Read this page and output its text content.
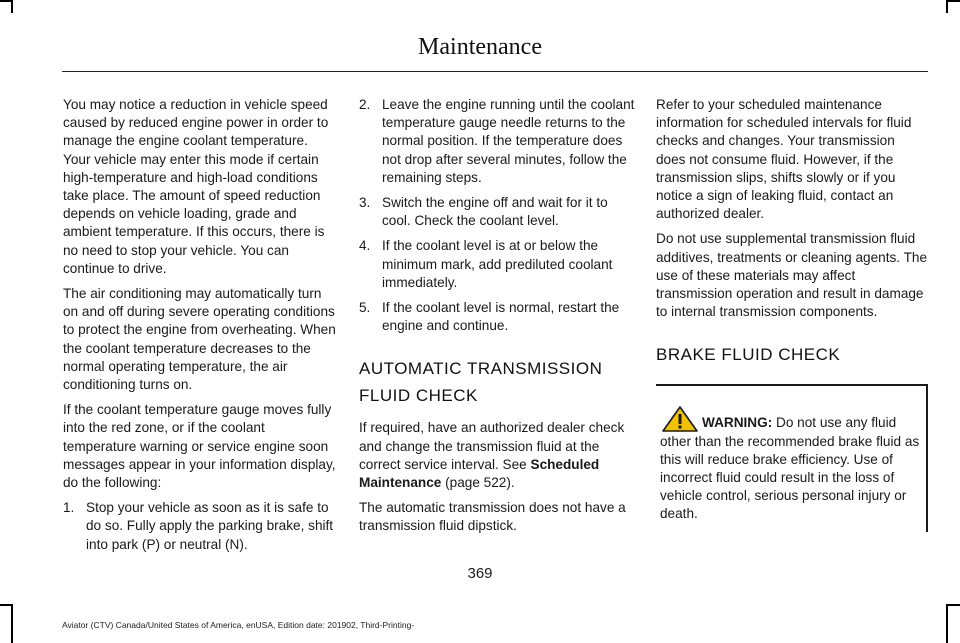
Maintenance

You may notice a reduction in vehicle speed caused by reduced engine power in order to manage the engine coolant temperature. Your vehicle may enter this mode if certain high-temperature and high-load conditions take place. The amount of speed reduction depends on vehicle loading, grade and ambient temperature. If this occurs, there is no need to stop your vehicle. You can continue to drive.

The air conditioning may automatically turn on and off during severe operating conditions to protect the engine from overheating. When the coolant temperature decreases to the normal operating temperature, the air conditioning turns on.

If the coolant temperature gauge moves fully into the red zone, or if the coolant temperature warning or service engine soon messages appear in your information display, do the following:

1. Stop your vehicle as soon as it is safe to do so. Fully apply the parking brake, shift into park (P) or neutral (N).
2. Leave the engine running until the coolant temperature gauge needle returns to the normal position. If the temperature does not drop after several minutes, follow the remaining steps.
3. Switch the engine off and wait for it to cool. Check the coolant level.
4. If the coolant level is at or below the minimum mark, add prediluted coolant immediately.
5. If the coolant level is normal, restart the engine and continue.
AUTOMATIC TRANSMISSION FLUID CHECK

If required, have an authorized dealer check and change the transmission fluid at the correct service interval. See Scheduled Maintenance (page 522).

The automatic transmission does not have a transmission fluid dipstick.

Refer to your scheduled maintenance information for scheduled intervals for fluid checks and changes. Your transmission does not consume fluid. However, if the transmission slips, shifts slowly or if you notice a sign of leaking fluid, contact an authorized dealer.

Do not use supplemental transmission fluid additives, treatments or cleaning agents. The use of these materials may affect transmission operation and result in damage to internal transmission components.

BRAKE FLUID CHECK
WARNING: Do not use any fluid other than the recommended brake fluid as this will reduce brake efficiency. Use of incorrect fluid could result in the loss of vehicle control, serious personal injury or death.
369
Aviator (CTV) Canada/United States of America, enUSA, Edition date: 201902, Third-Printing-
